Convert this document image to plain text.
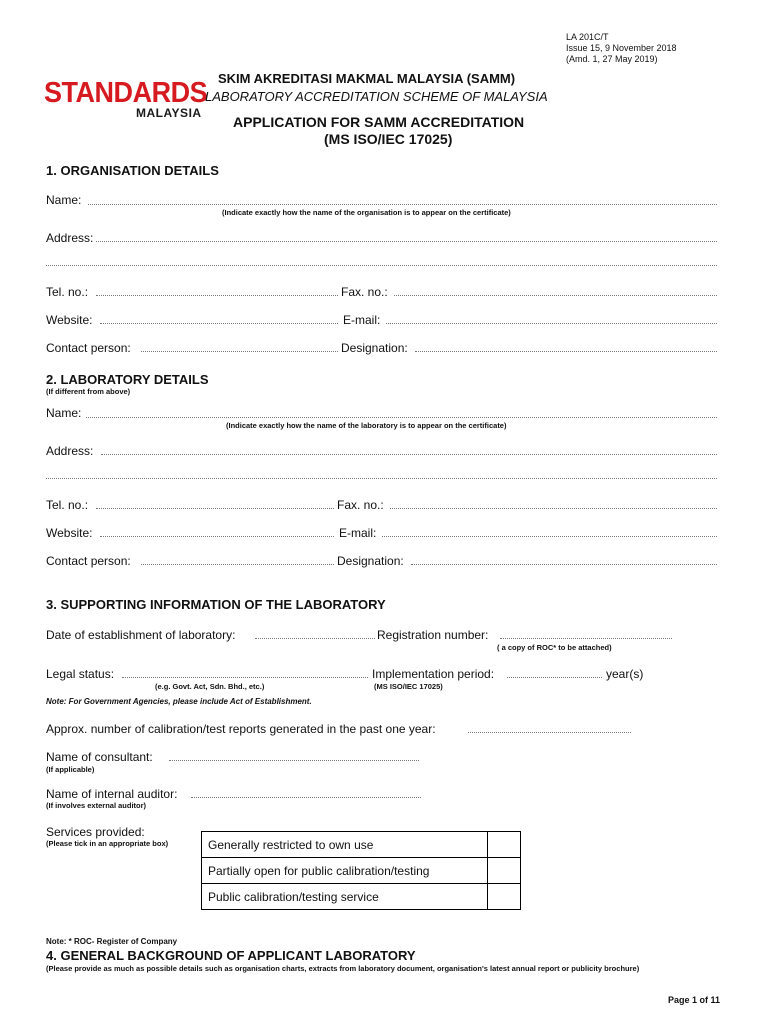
LA 201C/T
Issue 15, 9 November 2018
(Amd. 1, 27 May 2019)
STANDARDS
MALAYSIA
SKIM AKREDITASI MAKMAL MALAYSIA (SAMM)
LABORATORY ACCREDITATION SCHEME OF MALAYSIA
APPLICATION FOR SAMM ACCREDITATION
(MS ISO/IEC 17025)
1. ORGANISATION DETAILS
Name:
(Indicate exactly how the name of the organisation is to appear on the certificate)
Address:
Tel. no.:	Fax. no.:
Website:	E-mail:
Contact person:	Designation:
2. LABORATORY DETAILS
(If different from above)
Name:
(Indicate exactly how the name of the laboratory is to appear on the certificate)
Address:
Tel. no.:	Fax. no.:
Website:	E-mail:
Contact person:	Designation:
3. SUPPORTING INFORMATION OF THE LABORATORY
Date of establishment of laboratory:	Registration number:
( a copy of ROC* to be attached)
Legal status:	Implementation period:	year(s)
(e.g. Govt. Act, Sdn. Bhd., etc.)	(MS ISO/IEC 17025)
Note: For Government Agencies, please include Act of Establishment.
Approx. number of calibration/test reports generated in the past one year:
Name of consultant:
(If applicable)
Name of internal auditor:
(If involves external auditor)
Services provided:
(Please tick in an appropriate box)	Generally restricted to own use	
Partially open for public calibration/testing	
Public calibration/testing service	
Note: * ROC- Register of Company
4. GENERAL BACKGROUND OF APPLICANT LABORATORY
(Please provide as much as possible details such as organisation charts, extracts from laboratory document, organisation's latest annual report or publicity brochure)
Page 1 of 11
